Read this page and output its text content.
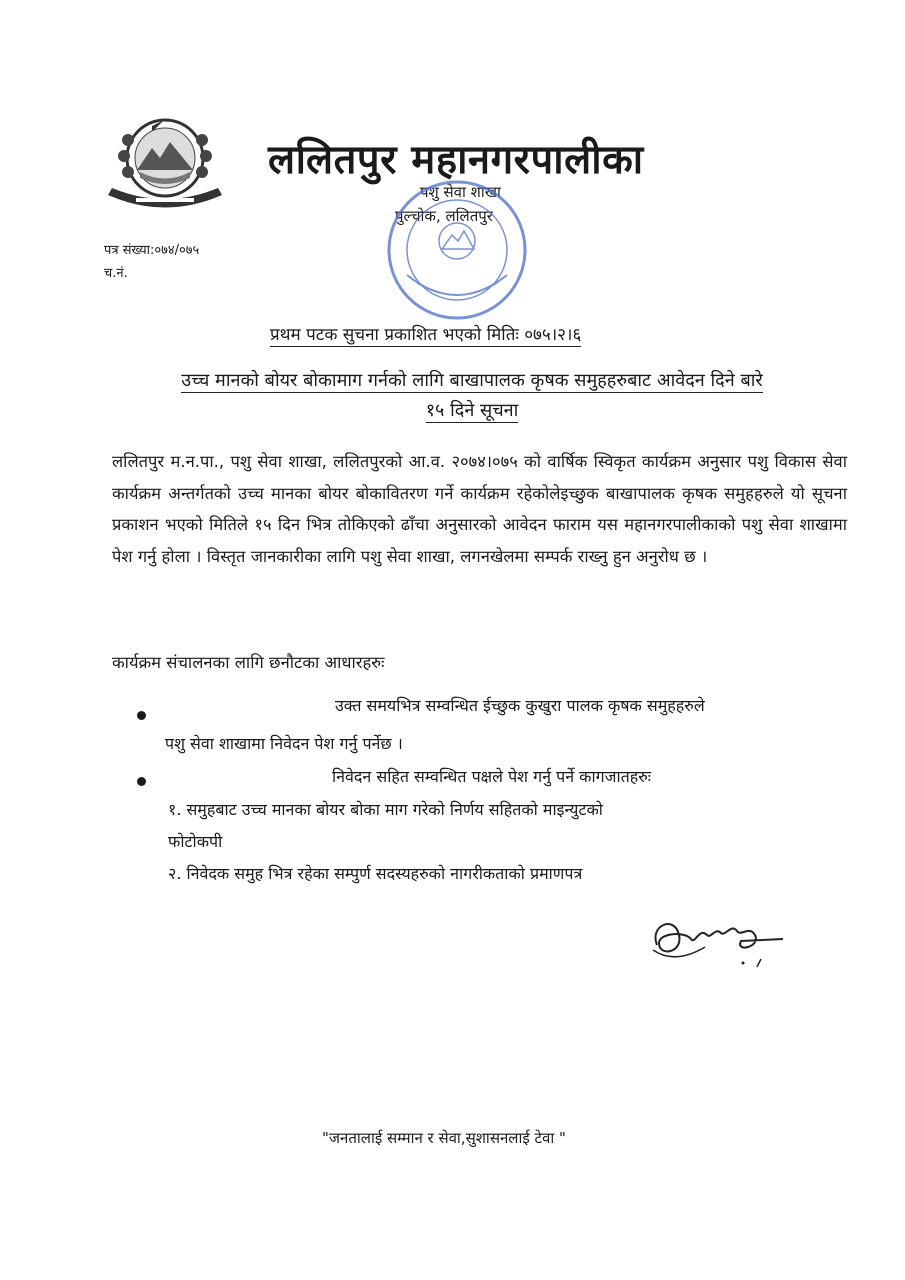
ललितपुर महानगरपालीका
पशु सेवा शाखा
पुल्चोक, ललितपुर
पत्र संख्या:०७४/०७५
च.नं.
प्रथम पटक सुचना प्रकाशित भएको मितिः ०७५।२।६
उच्च मानको बोयर बोकामाग गर्नको लागि बाखापालक कृषक समुहहरुबाट आवेदन दिने बारे
१५ दिने सूचना
ललितपुर म.न.पा., पशु सेवा शाखा, ललितपुरको आ.व. २०७४।०७५ को वार्षिक स्विकृत कार्यक्रम अनुसार पशु विकास सेवा कार्यक्रम अन्तर्गतको उच्च मानका बोयर बोकावितरण गर्ने कार्यक्रम रहेकोलेइच्छुक बाखापालक कृषक समुहहरुले यो सूचना प्रकाशन भएको मितिले १५ दिन भित्र तोकिएको ढाँचा अनुसारको आवेदन फाराम यस महानगरपालीकाको पशु सेवा शाखामा पेश गर्नु होला । विस्तृत जानकारीका लागि पशु सेवा शाखा, लगनखेलमा सम्पर्क राख्नु हुन अनुरोध छ ।
कार्यक्रम संचालनका लागि छनौटका आधारहरुः
उक्त समयभित्र सम्वन्धित ईच्छुक कुखुरा पालक कृषक समुहहरुले
पशु सेवा शाखामा निवेदन पेश गर्नु पर्नेछ ।
निवेदन सहित सम्वन्धित पक्षले पेश गर्नु पर्ने कागजातहरुः
१. समुहबाट उच्च मानका बोयर बोका माग गरेको निर्णय सहितको माइन्युटको
फोटोकपी
२. निवेदक समुह भित्र रहेका सम्पुर्ण सदस्यहरुको नागरीकताको प्रमाणपत्र
"जनतालाई सम्मान र सेवा,सुशासनलाई टेवा "
